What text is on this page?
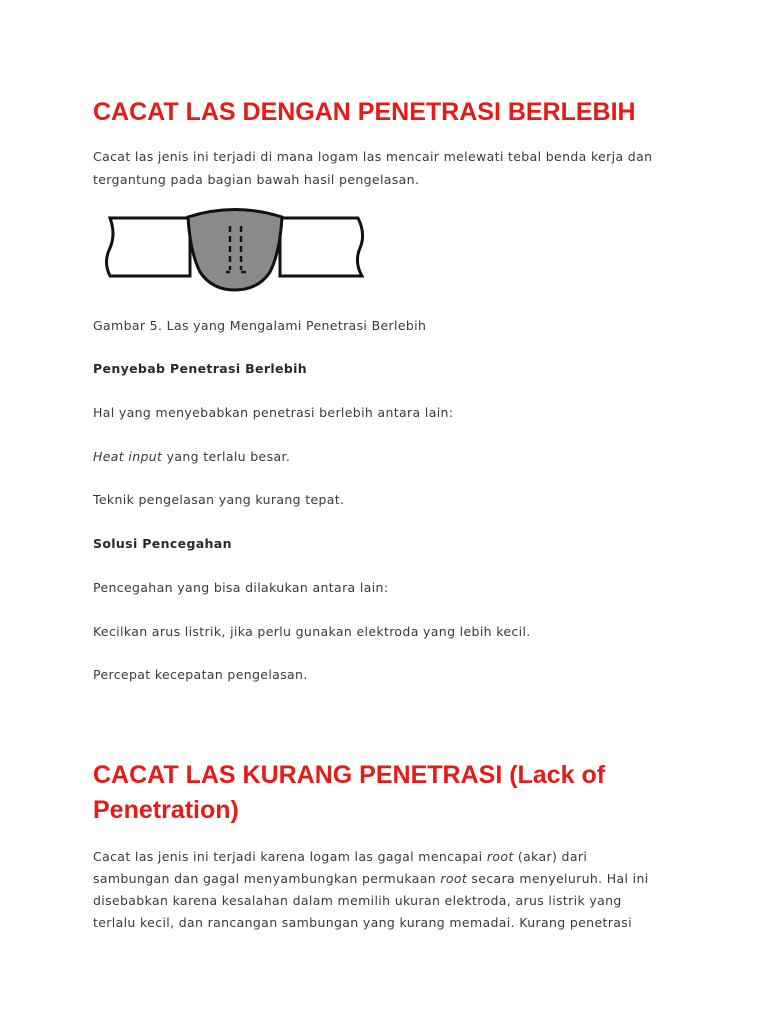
CACAT LAS DENGAN PENETRASI BERLEBIH

Cacat las jenis ini terjadi di mana logam las mencair melewati tebal benda kerja dan

tergantung pada bagian bawah hasil pengelasan.

Gambar 5. Las yang Mengalami Penetrasi Berlebih

Penyebab Penetrasi Berlebih

Hal yang menyebabkan penetrasi berlebih antara lain:

Heat input yang terlalu besar.

Teknik pengelasan yang kurang tepat.

Solusi Pencegahan

Pencegahan yang bisa dilakukan antara lain:

Kecilkan arus listrik, jika perlu gunakan elektroda yang lebih kecil.

Percepat kecepatan pengelasan.

CACAT LAS KURANG PENETRASI (Lack of
Penetration)

Cacat las jenis ini terjadi karena logam las gagal mencapai root (akar) dari

sambungan dan gagal menyambungkan permukaan root secara menyeluruh. Hal ini

disebabkan karena kesalahan dalam memilih ukuran elektroda, arus listrik yang

terlalu kecil, dan rancangan sambungan yang kurang memadai. Kurang penetrasi
